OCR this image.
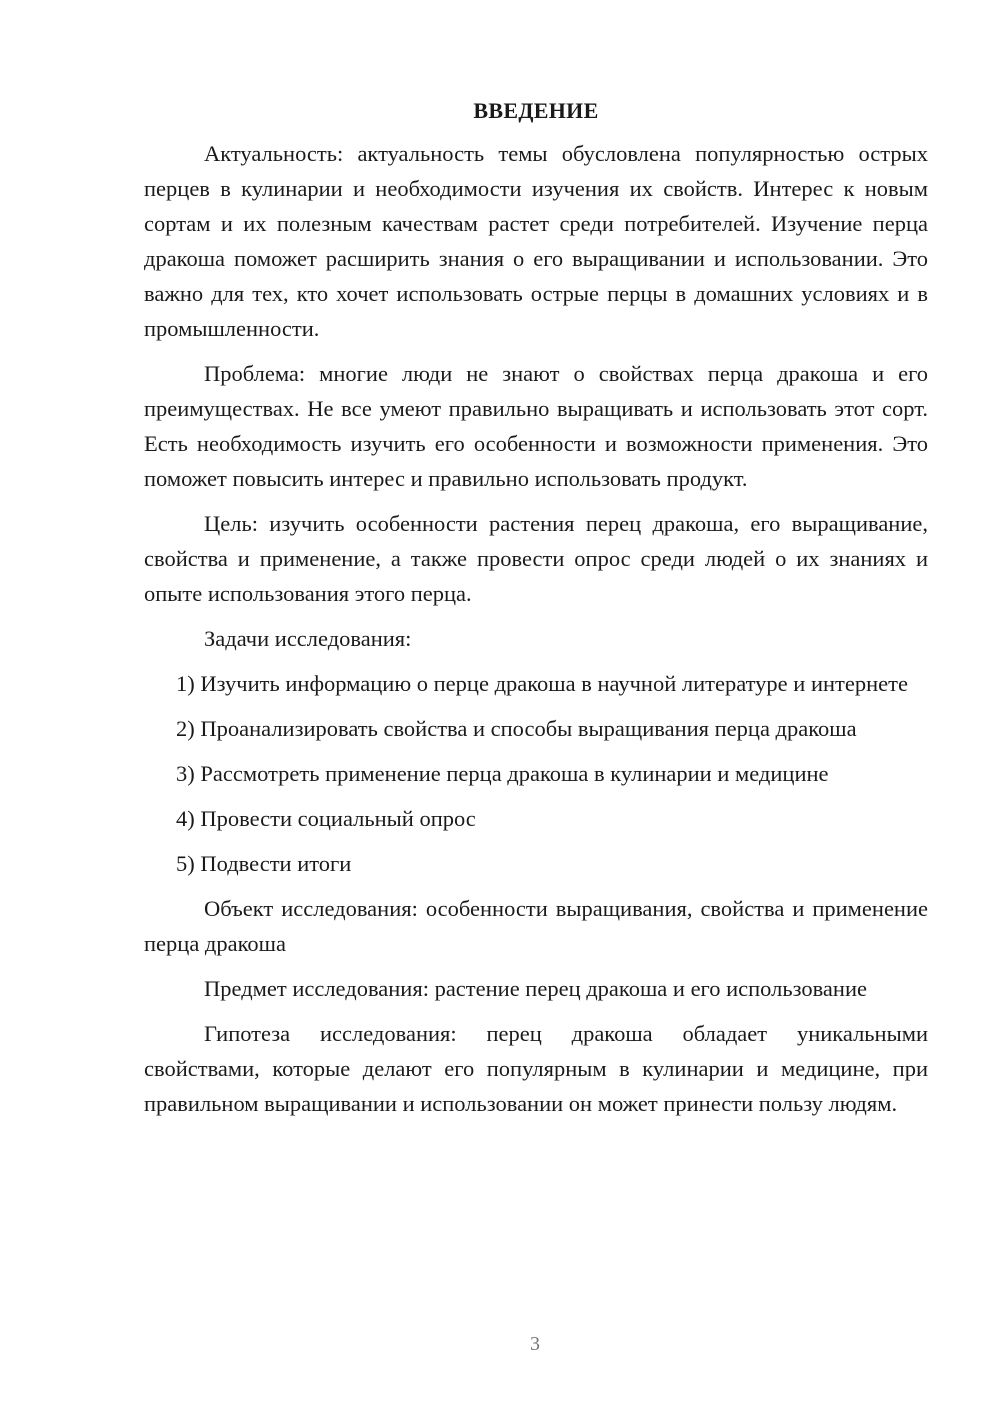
ВВЕДЕНИЕ

Актуальность: актуальность темы обусловлена популярностью острых перцев в кулинарии и необходимости изучения их свойств. Интерес к новым сортам и их полезным качествам растет среди потребителей. Изучение перца дракоша поможет расширить знания о его выращивании и использовании. Это важно для тех, кто хочет использовать острые перцы в домашних условиях и в промышленности.

Проблема: многие люди не знают о свойствах перца дракоша и его преимуществах. Не все умеют правильно выращивать и использовать этот сорт. Есть необходимость изучить его особенности и возможности применения. Это поможет повысить интерес и правильно использовать продукт.

Цель: изучить особенности растения перец дракоша, его выращивание, свойства и применение, а также провести опрос среди людей о их знаниях и опыте использования этого перца.

Задачи исследования:

1) Изучить информацию о перце дракоша в научной литературе и интернете

2) Проанализировать свойства и способы выращивания перца дракоша

3) Рассмотреть применение перца дракоша в кулинарии и медицине

4) Провести социальный опрос

5) Подвести итоги

Объект исследования: особенности выращивания, свойства и применение перца дракоша

Предмет исследования: растение перец дракоша и его использование

Гипотеза исследования: перец дракоша обладает уникальными свойствами, которые делают его популярным в кулинарии и медицине, при правильном выращивании и использовании он может принести пользу людям.

3
